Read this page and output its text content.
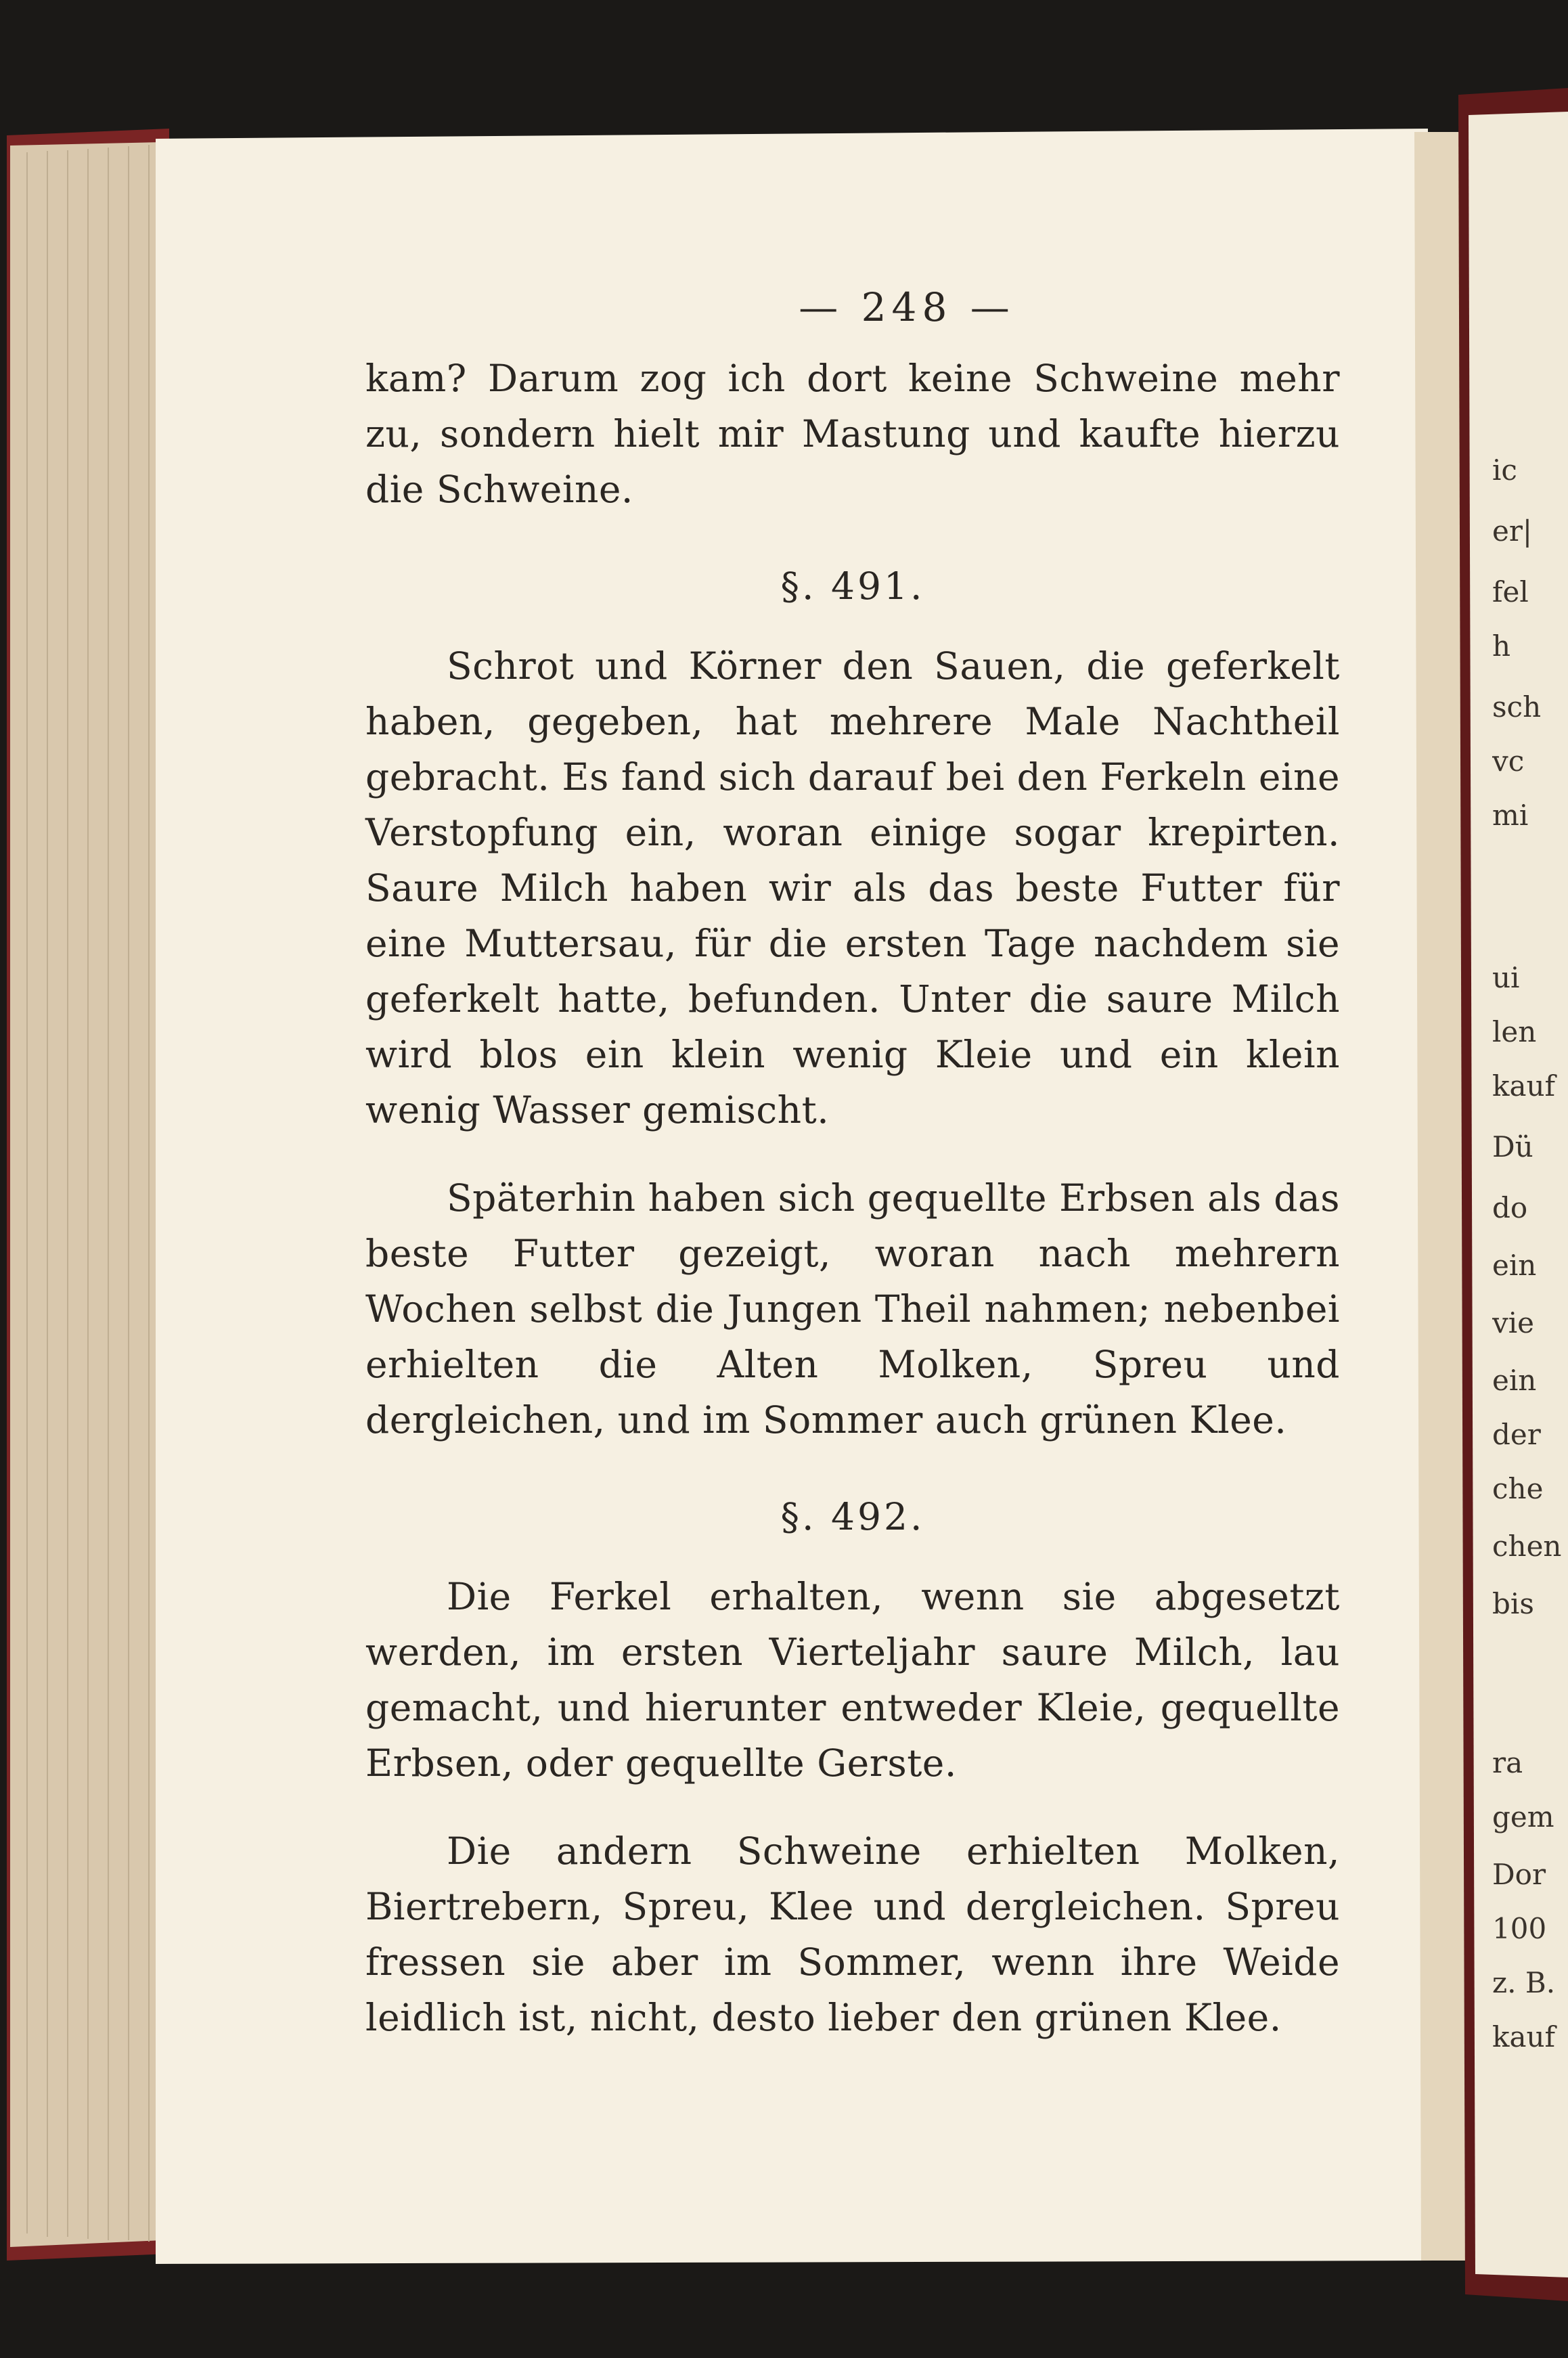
— 248 —

kam? Darum zog ich dort keine Schweine mehr zu, sondern hielt mir Mastung und kaufte hierzu die Schweine.

§. 491.

Schrot und Körner den Sauen, die geferkelt haben, gegeben, hat mehrere Male Nachtheil gebracht. Es fand sich darauf bei den Ferkeln eine Verstopfung ein, woran einige sogar krepirten. Saure Milch haben wir als das beste Futter für eine Muttersau, für die ersten Tage nachdem sie geferkelt hatte, befunden. Unter die saure Milch wird blos ein klein wenig Kleie und ein klein wenig Wasser gemischt.

Späterhin haben sich gequellte Erbsen als das beste Futter gezeigt, woran nach mehrern Wochen selbst die Jungen Theil nahmen; nebenbei erhielten die Alten Molken, Spreu und dergleichen, und im Sommer auch grünen Klee.

§. 492.

Die Ferkel erhalten, wenn sie abgesetzt werden, im ersten Vierteljahr saure Milch, lau gemacht, und hierunter entweder Kleie, gequellte Erbsen, oder gequellte Gerste.

Die andern Schweine erhielten Molken, Biertrebern, Spreu, Klee und dergleichen. Spreu fressen sie aber im Sommer, wenn ihre Weide leidlich ist, nicht, desto lieber den grünen Klee.

ic
er|
fel
h
sch
vc
mi
ui
len
kauf
Dü
do
ein
vie
ein
der
che
chen
bis
ra
gem
Dor
100
z. B.
kauf
